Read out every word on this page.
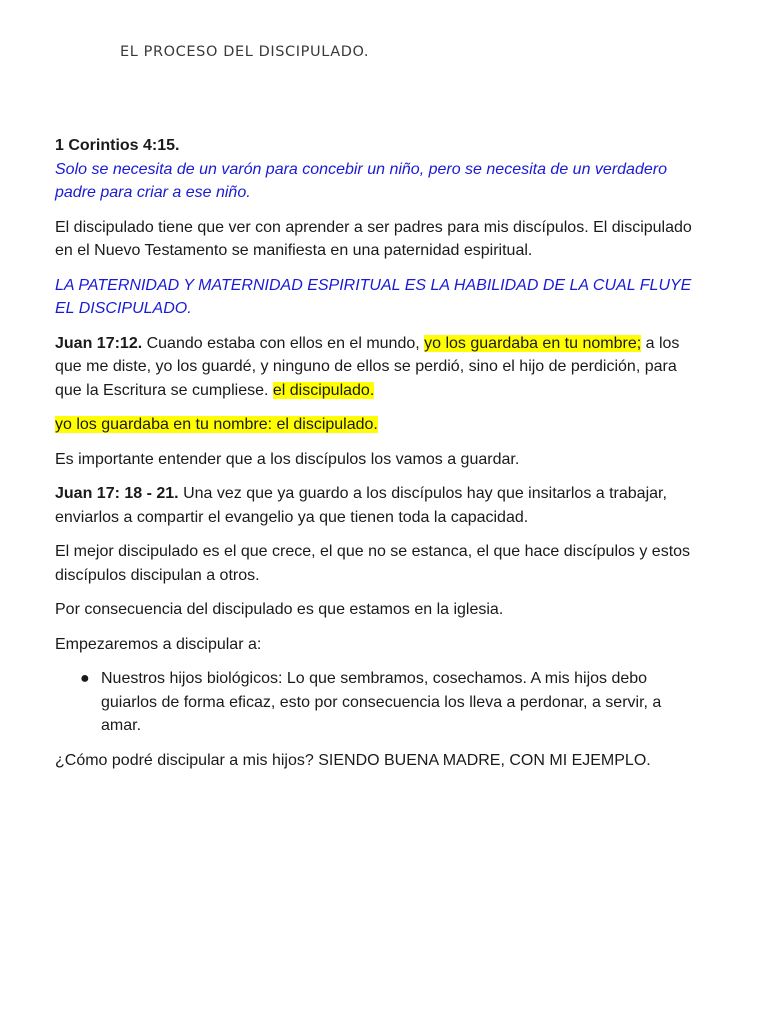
EL PROCESO DEL DISCIPULADO.

1 Corintios 4:15.
Solo se necesita de un varón para concebir un niño, pero se necesita de un verdadero padre para criar a ese niño.

El discipulado tiene que ver con aprender a ser padres para mis discípulos. El discipulado en el Nuevo Testamento se manifiesta en una paternidad espiritual.

LA PATERNIDAD Y MATERNIDAD ESPIRITUAL ES LA HABILIDAD DE LA CUAL FLUYE EL DISCIPULADO.

Juan 17:12. Cuando estaba con ellos en el mundo, yo los guardaba en tu nombre; a los que me diste, yo los guardé, y ninguno de ellos se perdió, sino el hijo de perdición, para que la Escritura se cumpliese. el discipulado.

yo los guardaba en tu nombre: el discipulado.

Es importante entender que a los discípulos los vamos a guardar.

Juan 17: 18 - 21. Una vez que ya guardo a los discípulos hay que insitarlos a trabajar, enviarlos a compartir el evangelio ya que tienen toda la capacidad.

El mejor discipulado es el que crece, el que no se estanca, el que hace discípulos y estos discípulos discipulan a otros.

Por consecuencia del discipulado es que estamos en la iglesia.

Empezaremos a discipular a:

● Nuestros hijos biológicos: Lo que sembramos, cosechamos. A mis hijos debo guiarlos de forma eficaz, esto por consecuencia los lleva a perdonar, a servir, a amar.

¿Cómo podré discipular a mis hijos? SIENDO BUENA MADRE, CON MI EJEMPLO.
